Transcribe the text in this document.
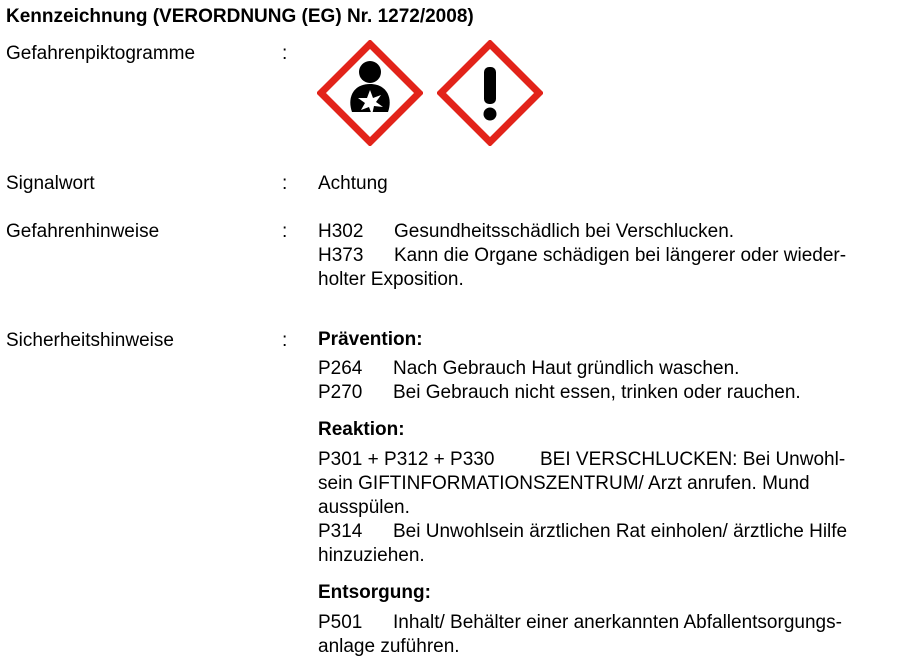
Kennzeichnung (VERORDNUNG (EG) Nr. 1272/2008)
Gefahrenpiktogramme	:
Signalwort	: Achtung
Gefahrenhinweise	: H302 Gesundheitsschädlich bei Verschlucken.
H373 Kann die Organe schädigen bei längerer oder wieder-
holter Exposition.
Sicherheitshinweise	: Prävention:
P264 Nach Gebrauch Haut gründlich waschen.
P270 Bei Gebrauch nicht essen, trinken oder rauchen.
Reaktion:
P301 + P312 + P330 BEI VERSCHLUCKEN: Bei Unwohl-
sein GIFTINFORMATIONSZENTRUM/ Arzt anrufen. Mund
ausspülen.
P314 Bei Unwohlsein ärztlichen Rat einholen/ ärztliche Hilfe
hinzuziehen.
Entsorgung:
P501 Inhalt/ Behälter einer anerkannten Abfallentsorgungs-
anlage zuführen.
